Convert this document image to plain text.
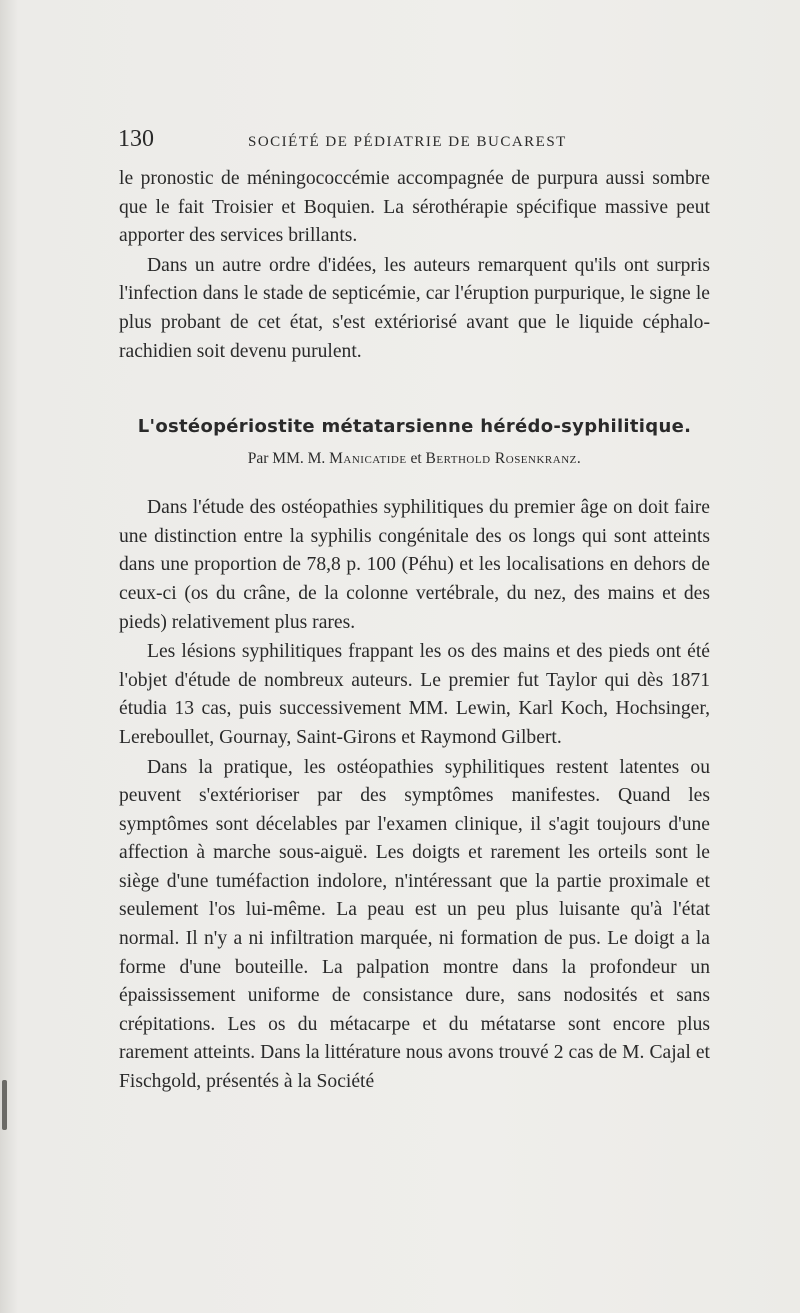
130	SOCIÉTÉ DE PÉDIATRIE DE BUCAREST

le pronostic de méningococcémie accompagnée de purpura aussi sombre que le fait Troisier et Boquien. La sérothérapie spécifique massive peut apporter des services brillants.

Dans un autre ordre d'idées, les auteurs remarquent qu'ils ont surpris l'infection dans le stade de septicémie, car l'éruption purpurique, le signe le plus probant de cet état, s'est extériorisé avant que le liquide céphalo-rachidien soit devenu purulent.

L'ostéopériostite métatarsienne hérédo-syphilitique.
Par MM. M. Manicatide et Berthold Rosenkranz.

Dans l'étude des ostéopathies syphilitiques du premier âge on doit faire une distinction entre la syphilis congénitale des os longs qui sont atteints dans une proportion de 78,8 p. 100 (Péhu) et les localisations en dehors de ceux-ci (os du crâne, de la colonne vertébrale, du nez, des mains et des pieds) relativement plus rares.

Les lésions syphilitiques frappant les os des mains et des pieds ont été l'objet d'étude de nombreux auteurs. Le premier fut Taylor qui dès 1871 étudia 13 cas, puis successivement MM. Lewin, Karl Koch, Hochsinger, Lereboullet, Gournay, Saint-Girons et Raymond Gilbert.

Dans la pratique, les ostéopathies syphilitiques restent latentes ou peuvent s'extérioriser par des symptômes manifestes. Quand les symptômes sont décelables par l'examen clinique, il s'agit toujours d'une affection à marche sous-aiguë. Les doigts et rarement les orteils sont le siège d'une tuméfaction indolore, n'intéressant que la partie proximale et seulement l'os lui-même. La peau est un peu plus luisante qu'à l'état normal. Il n'y a ni infiltration marquée, ni formation de pus. Le doigt a la forme d'une bouteille. La palpation montre dans la profondeur un épaississement uniforme de consistance dure, sans nodosités et sans crépitations. Les os du métacarpe et du métatarse sont encore plus rarement atteints. Dans la littérature nous avons trouvé 2 cas de M. Cajal et Fischgold, présentés à la Société
